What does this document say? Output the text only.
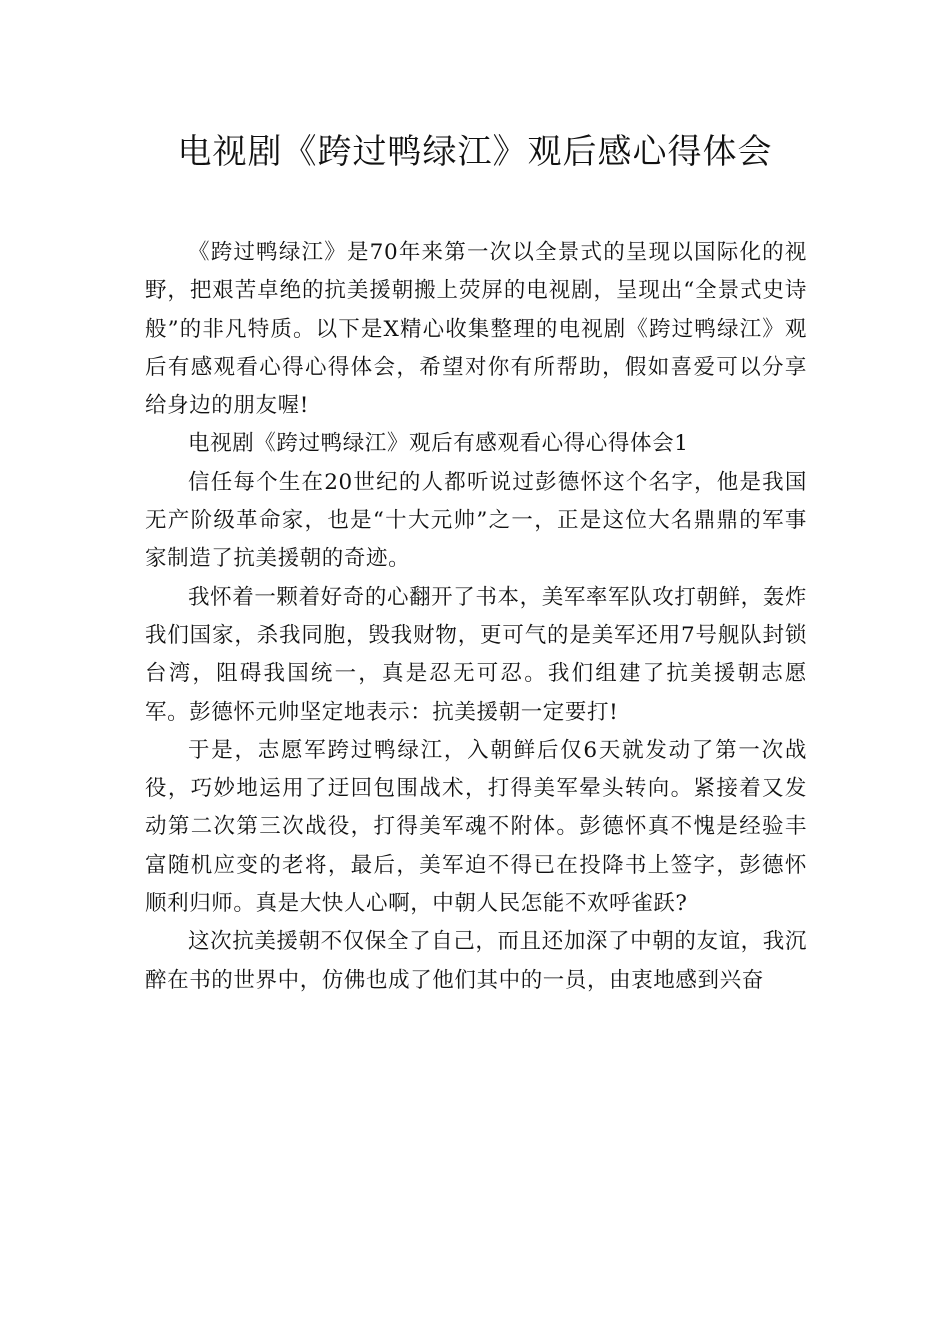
电视剧《跨过鸭绿江》观后感心得体会

《跨过鸭绿江》是70年来第一次以全景式的呈现以国际化的视野，把艰苦卓绝的抗美援朝搬上荧屏的电视剧，呈现出“全景式史诗般”的非凡特质。以下是X精心收集整理的电视剧《跨过鸭绿江》观后有感观看心得心得体会，希望对你有所帮助，假如喜爱可以分享给身边的朋友喔!

电视剧《跨过鸭绿江》观后有感观看心得心得体会1

信任每个生在20世纪的人都听说过彭德怀这个名字，他是我国无产阶级革命家，也是“十大元帅”之一，正是这位大名鼎鼎的军事家制造了抗美援朝的奇迹。

我怀着一颗着好奇的心翻开了书本，美军率军队攻打朝鲜，轰炸我们国家，杀我同胞，毁我财物，更可气的是美军还用7号舰队封锁台湾，阻碍我国统一，真是忍无可忍。我们组建了抗美援朝志愿军。彭德怀元帅坚定地表示：抗美援朝一定要打!

于是，志愿军跨过鸭绿江，入朝鲜后仅6天就发动了第一次战役，巧妙地运用了迂回包围战术，打得美军晕头转向。紧接着又发动第二次第三次战役，打得美军魂不附体。彭德怀真不愧是经验丰富随机应变的老将，最后，美军迫不得已在投降书上签字，彭德怀顺利归师。真是大快人心啊，中朝人民怎能不欢呼雀跃?

这次抗美援朝不仅保全了自己，而且还加深了中朝的友谊，我沉醉在书的世界中，仿佛也成了他们其中的一员，由衷地感到兴奋
